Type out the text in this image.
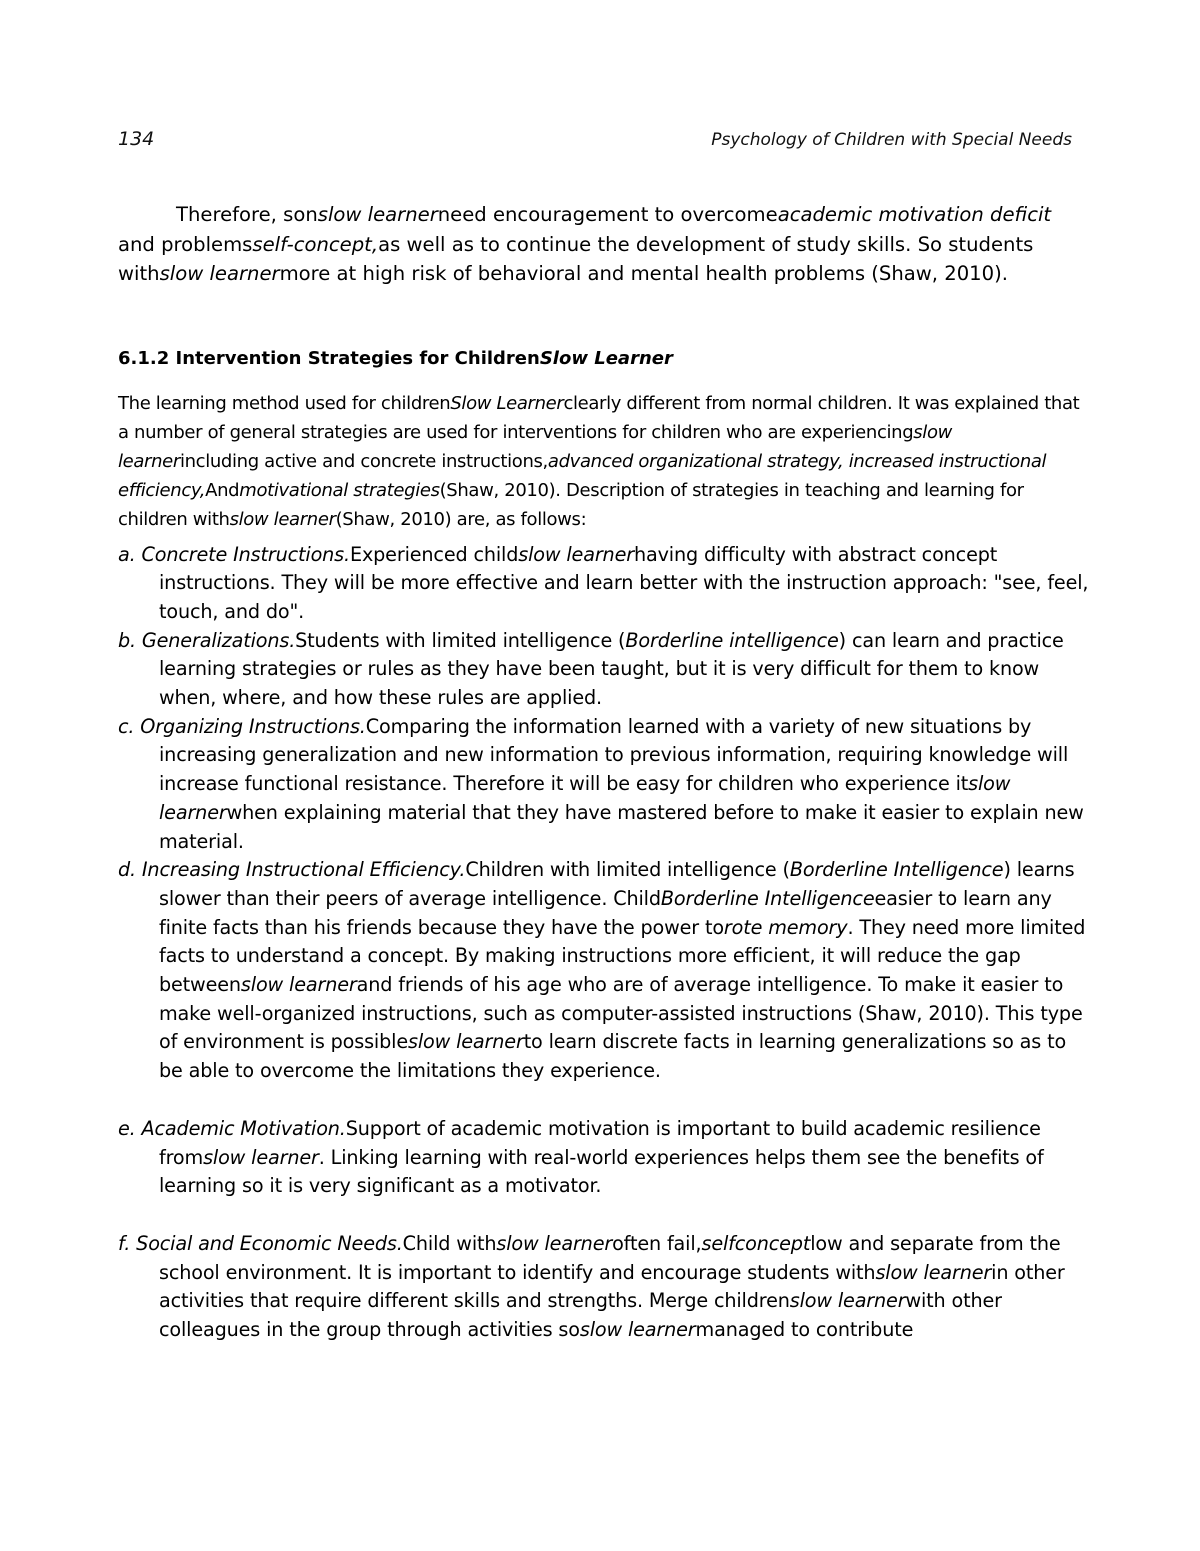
134	Psychology of Children with Special Needs

Therefore, sonslow learnerneed encouragement to overcomeacademic motivation deficit and problemsself-concept,as well as to continue the development of study skills. So students withslow learnermore at high risk of behavioral and mental health problems (Shaw, 2010).

6.1.2 Intervention Strategies for ChildrenSlow Learner

The learning method used for childrenSlow Learnerclearly different from normal children. It was explained that a number of general strategies are used for interventions for children who are experiencingslow learnerincluding active and concrete instructions,advanced organizational strategy, increased instructional efficiency,Andmotivational strategies(Shaw, 2010). Description of strategies in teaching and learning for children withslow learner(Shaw, 2010) are, as follows:

a. Concrete Instructions.Experienced childslow learnerhaving difficulty with abstract concept instructions. They will be more effective and learn better with the instruction approach: "see, feel, touch, and do".
b. Generalizations.Students with limited intelligence (Borderline intelligence) can learn and practice learning strategies or rules as they have been taught, but it is very difficult for them to know when, where, and how these rules are applied.
c. Organizing Instructions.Comparing the information learned with a variety of new situations by increasing generalization and new information to previous information, requiring knowledge will increase functional resistance. Therefore it will be easy for children who experience itslow learnerwhen explaining material that they have mastered before to make it easier to explain new material.
d. Increasing Instructional Efficiency.Children with limited intelligence (Borderline Intelligence) learns slower than their peers of average intelligence. ChildBorderline Intelligenceeasier to learn any finite facts than his friends because they have the power torote memory. They need more limited facts to understand a concept. By making instructions more efficient, it will reduce the gap betweenslow learnerand friends of his age who are of average intelligence. To make it easier to make well-organized instructions, such as computer-assisted instructions (Shaw, 2010). This type of environment is possibleslow learnerto learn discrete facts in learning generalizations so as to be able to overcome the limitations they experience.
e. Academic Motivation.Support of academic motivation is important to build academic resilience fromslow learner. Linking learning with real-world experiences helps them see the benefits of learning so it is very significant as a motivator.
f. Social and Economic Needs.Child withslow learneroften fail,selfconceptlow and separate from the school environment. It is important to identify and encourage students withslow learnerin other activities that require different skills and strengths. Merge childrenslow learnerwith other colleagues in the group through activities soslow learnermanaged to contribute
